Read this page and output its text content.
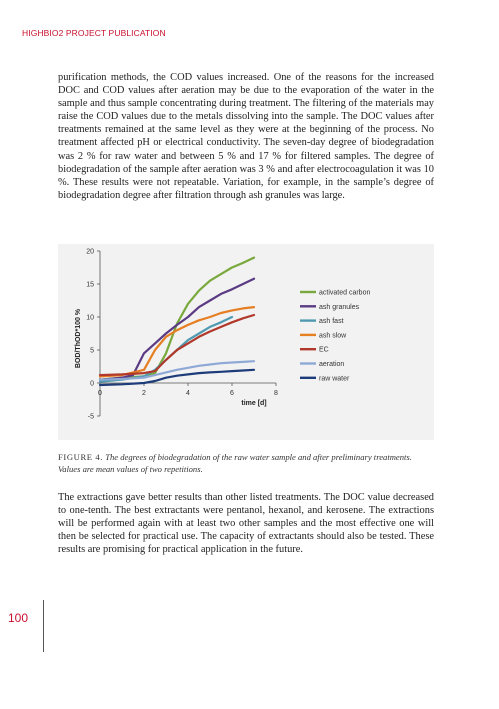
HIGHBIO2 PROJECT PUBLICATION

purification methods, the COD values increased. One of the reasons for the increased DOC and COD values after aeration may be due to the evaporation of the water in the sample and thus sample concentrating during treatment. The filtering of the materials may raise the COD values due to the metals dissolving into the sample. The DOC values after treatments remained at the same level as they were at the beginning of the process. No treatment affected pH or electrical conductivity. The seven-day degree of biodegradation was 2 % for raw water and between 5 % and 17 % for filtered samples. The degree of biodegradation of the sample after aeration was 3 % and after electrocoagulation it was 10 %. These results were not repeatable. Variation, for example, in the sample’s degree of biodegradation degree after filtration through ash granules was large.

-5
0
5
10
15
20
0	2	4	6	8
BOD/ThOD*100 %
time [d]
activated carbon
ash granules
ash fast
ash slow
EC
aeration
raw water

FIGURE 4. The degrees of biodegradation of the raw water sample and after preliminary treatments. Values are mean values of two repetitions.

The extractions gave better results than other listed treatments. The DOC value decreased to one-tenth. The best extractants were pentanol, hexanol, and kerosene. The extractions will be performed again with at least two other samples and the most effective one will then be selected for practical use. The capacity of extractants should also be tested. These results are promising for practical application in the future.

100
